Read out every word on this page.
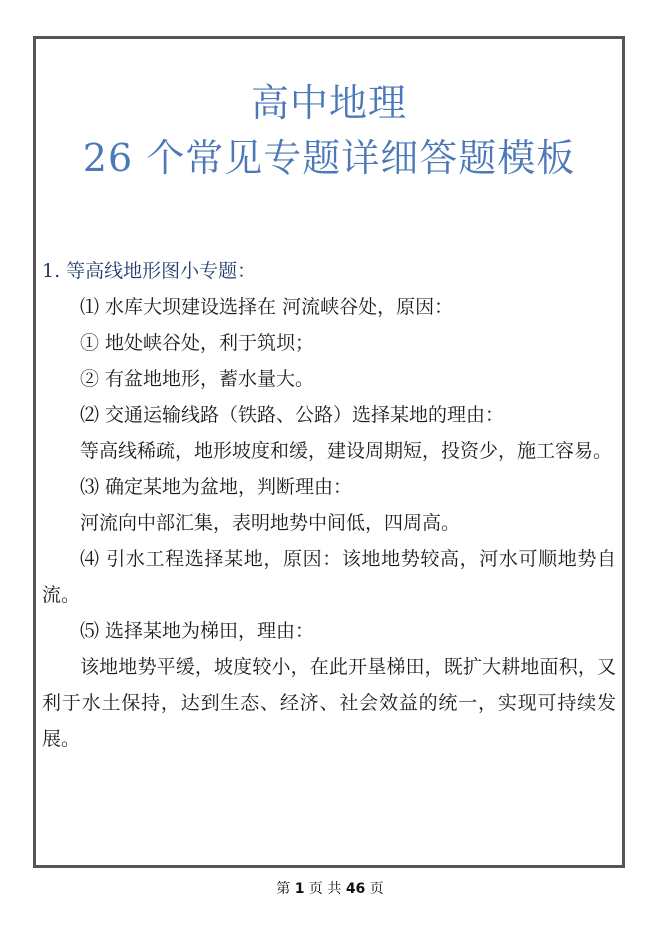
高中地理
26 个常见专题详细答题模板

1. 等高线地形图小专题：

⑴ 水库大坝建设选择在 河流峡谷处，原因：

① 地处峡谷处，利于筑坝；

② 有盆地地形，蓄水量大。

⑵ 交通运输线路（铁路、公路）选择某地的理由：

等高线稀疏，地形坡度和缓，建设周期短，投资少，施工容易。

⑶ 确定某地为盆地，判断理由：

河流向中部汇集，表明地势中间低，四周高。

⑷ 引水工程选择某地，原因：该地地势较高，河水可顺地势自流。

⑸ 选择某地为梯田，理由：

该地地势平缓，坡度较小，在此开垦梯田，既扩大耕地面积，又利于水土保持，达到生态、经济、社会效益的统一，实现可持续发展。

第 1 页 共 46 页
